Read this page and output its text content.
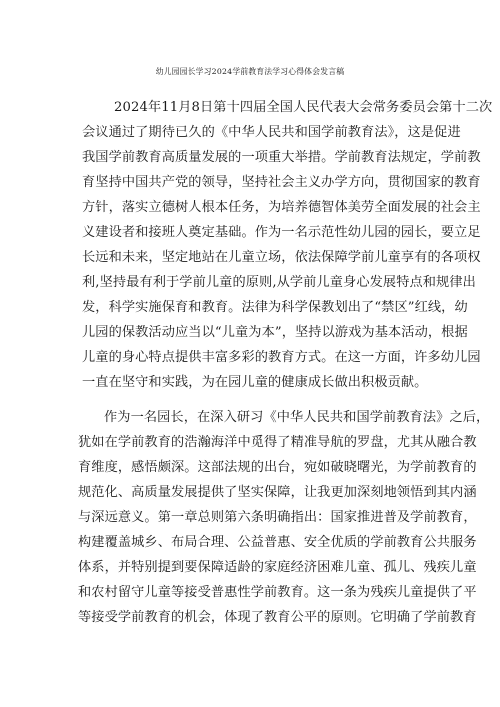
幼儿园园长学习2024学前教育法学习心得体会发言稿
2024年11月8日第十四届全国人民代表大会常务委员会第十二次
会议通过了期待已久的《中华人民共和国学前教育法》，这是促进
我国学前教育高质量发展的一项重大举措。学前教育法规定，学前教
育坚持中国共产党的领导，坚持社会主义办学方向，贯彻国家的教育
方针，落实立德树人根本任务，为培养德智体美劳全面发展的社会主
义建设者和接班人奠定基础。作为一名示范性幼儿园的园长，要立足
长远和未来，坚定地站在儿童立场，依法保障学前儿童享有的各项权
利,坚持最有利于学前儿童的原则,从学前儿童身心发展特点和规律出
发，科学实施保育和教育。法律为科学保教划出了“禁区”红线，幼
儿园的保教活动应当以“儿童为本”，坚持以游戏为基本活动，根据
儿童的身心特点提供丰富多彩的教育方式。在这一方面，许多幼儿园
一直在坚守和实践，为在园儿童的健康成长做出积极贡献。
作为一名园长，在深入研习《中华人民共和国学前教育法》之后，
犹如在学前教育的浩瀚海洋中觅得了精准导航的罗盘，尤其从融合教
育维度，感悟颇深。这部法规的出台，宛如破晓曙光，为学前教育的
规范化、高质量发展提供了坚实保障，让我更加深刻地领悟到其内涵
与深远意义。第一章总则第六条明确指出：国家推进普及学前教育，
构建覆盖城乡、布局合理、公益普惠、安全优质的学前教育公共服务
体系，并特别提到要保障适龄的家庭经济困难儿童、孤儿、残疾儿童
和农村留守儿童等接受普惠性学前教育。这一条为残疾儿童提供了平
等接受学前教育的机会，体现了教育公平的原则。它明确了学前教育
